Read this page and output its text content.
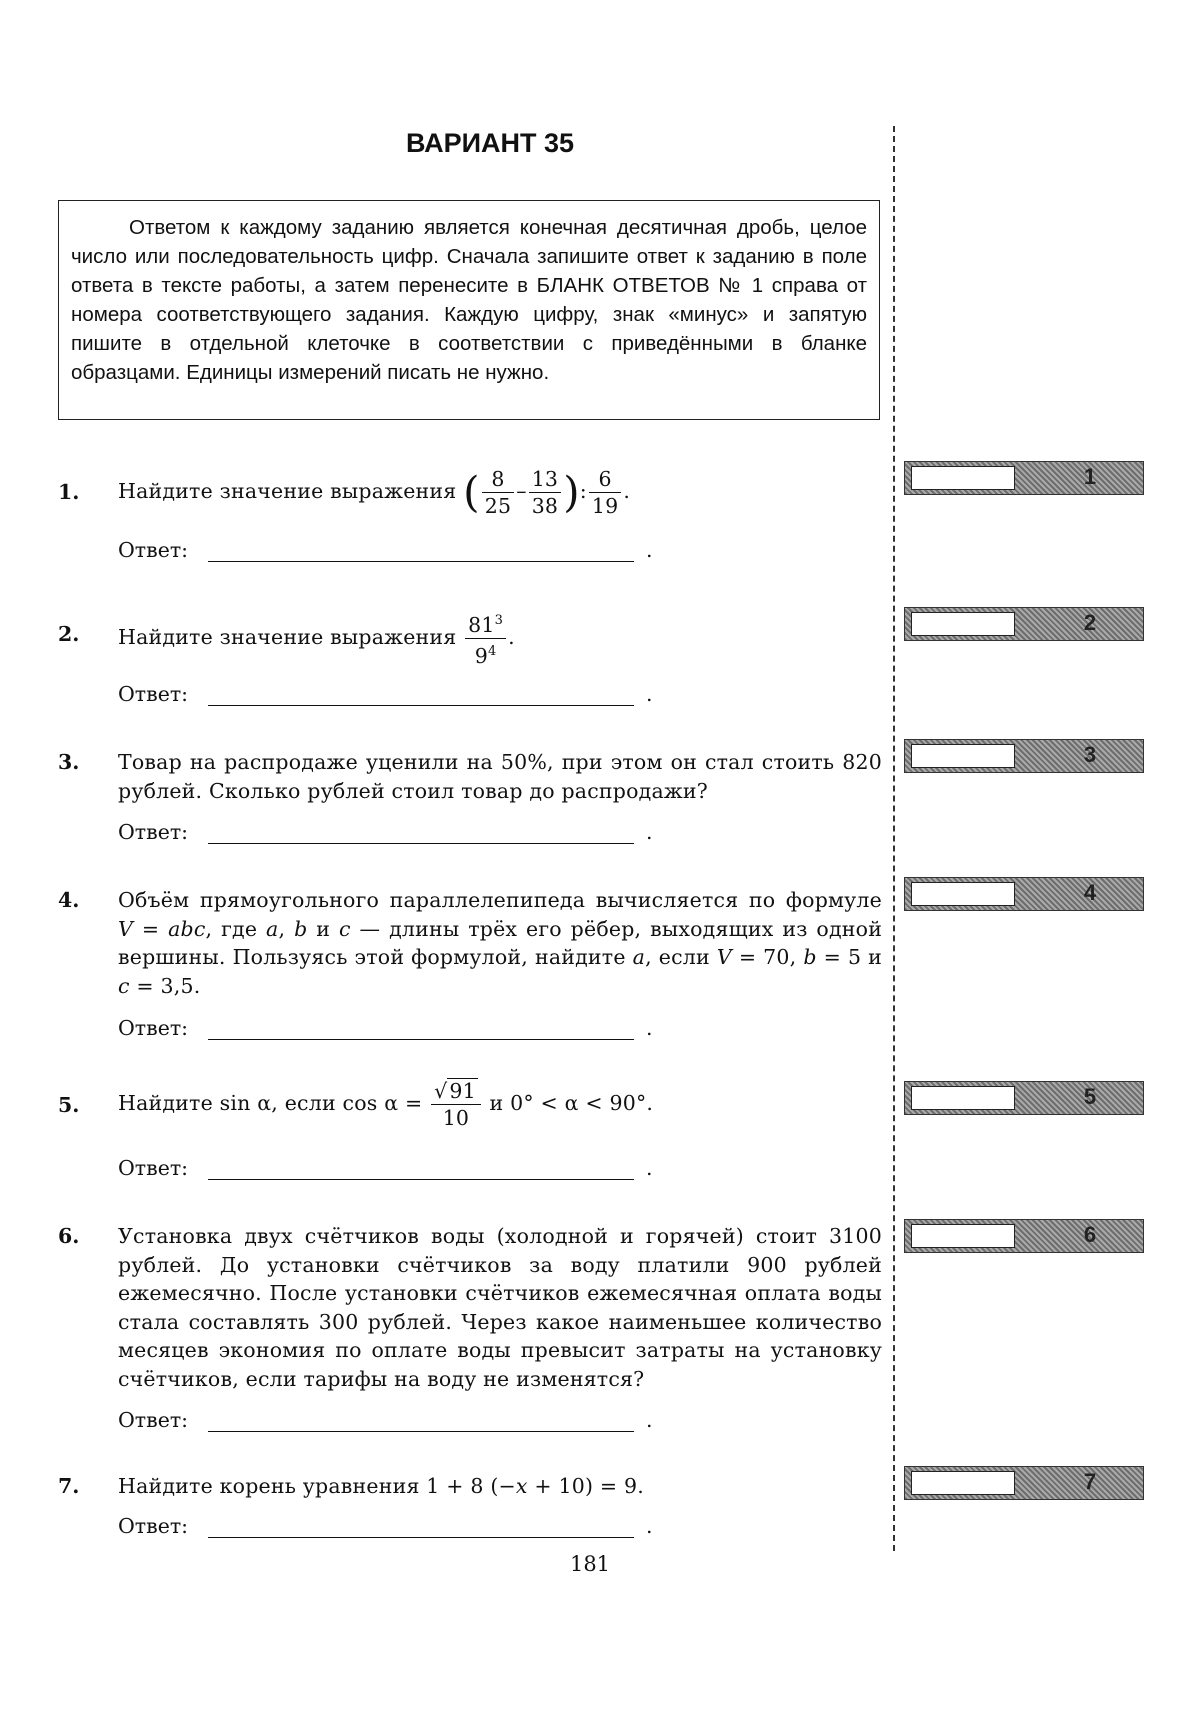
ВАРИАНТ 35
Ответом к каждому заданию является конечная десятичная дробь, целое число или последовательность цифр. Сначала запишите ответ к заданию в поле ответа в тексте работы, а затем перенесите в БЛАНК ОТВЕТОВ № 1 справа от номера соответствующего задания. Каждую цифру, знак «минус» и запятую пишите в отдельной клеточке в соответствии с приведёнными в бланке образцами. Единицы измерений писать не нужно.
1. Найдите значение выражения ( $\frac{8}{25} - \frac{13}{38}$ ): $\frac{6}{19}$ .
Ответ:	.
2. Найдите значение выражения $\frac{81^3}{9^4}$ .
Ответ:	.
3. Товар на распродаже уценили на 50%, при этом он стал стоить 820 рублей. Сколько рублей стоил товар до распродажи?
Ответ:	.
4. Объём прямоугольного параллелепипеда вычисляется по формуле V = abc, где a, b и c — длины трёх его рёбер, выходящих из одной вершины. Пользуясь этой формулой, найдите a, если V = 70, b = 5 и c = 3,5.
Ответ:	.
5. Найдите sin α, если $\cos \alpha = \frac{√91}{10}$ и 0° < α < 90°.
Ответ:	.
6. Установка двух счётчиков воды (холодной и горячей) стоит 3100 рублей. До установки счётчиков за воду платили 900 рублей ежемесячно. После установки счётчиков ежемесячная оплата воды стала составлять 300 рублей. Через какое наименьшее количество месяцев экономия по оплате воды превысит затраты на установку счётчиков, если тарифы на воду не изменятся?
Ответ:	.
7. Найдите корень уравнения 1 + 8 (−x + 10) = 9.
Ответ:	.
1
2
3
4
5
6
7
181
